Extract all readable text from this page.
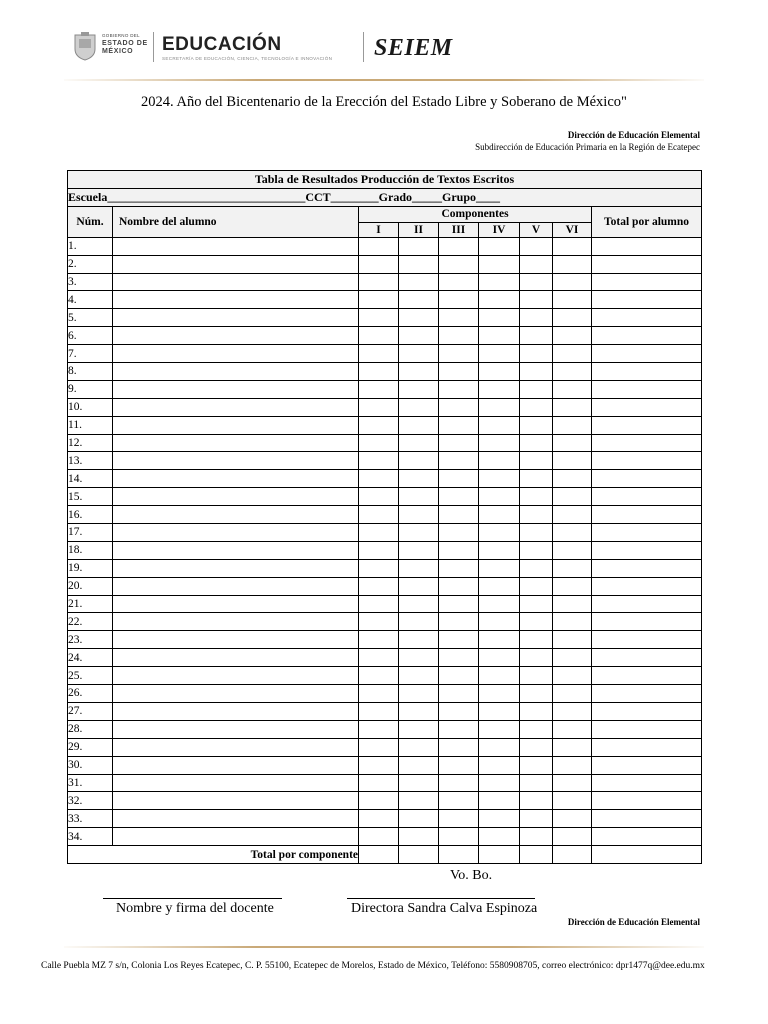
GOBIERNO DEL
ESTADO DE
MÉXICO	EDUCACIÓN
SECRETARÍA DE EDUCACIÓN, CIENCIA, TECNOLOGÍA E INNOVACIÓN SEIEM
2024. Año del Bicentenario de la Erección del Estado Libre y Soberano de México"
Dirección de Educación Elemental
Subdirección de Educación Primaria en la Región de Ecatepec
Tabla de Resultados Producción de Textos Escritos								
Escuela_________________________________CCT________Grado_____Grupo____								
Núm.	Nombre del alumno	Componentes						Total por alumno
		I	II	III	IV	V	VI	
1.								
2.								
3.								
4.								
5.								
6.								
7.								
8.								
9.								
10.								
11.								
12.								
13.								
14.								
15.								
16.								
17.								
18.								
19.								
20.								
21.								
22.								
23.								
24.								
25.								
26.								
27.								
28.								
29.								
30.								
31.								
32.								
33.								
34.								
Total por componente								
Vo. Bo.
Nombre y firma del docente	Directora Sandra Calva Espinoza
Dirección de Educación Elemental
Calle Puebla MZ 7 s/n, Colonia Los Reyes Ecatepec, C. P. 55100, Ecatepec de Morelos, Estado de México, Teléfono: 5580908705, correo electrónico: dpr1477q@dee.edu.mx
